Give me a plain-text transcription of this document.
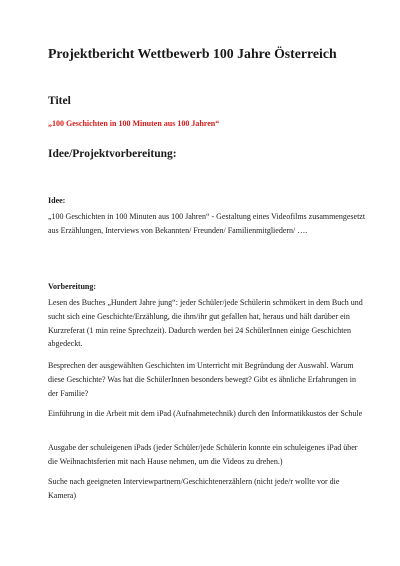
Projektbericht Wettbewerb 100 Jahre Österreich
Titel

„100 Geschichten in 100 Minuten aus 100 Jahren“

Idee/Projektvorbereitung:
Idee:

„100 Geschichten in 100 Minuten aus 100 Jahren“ - Gestaltung eines Videofilms zusammengesetzt aus Erzählungen, Interviews von Bekannten/ Freunden/ Familienmitgliedern/ ….

Vorbereitung:

Lesen des Buches „Hundert Jahre jung“: jeder Schüler/jede Schülerin schmökert in dem Buch und sucht sich eine Geschichte/Erzählung, die ihm/ihr gut gefallen hat, heraus und hält darüber ein Kurzreferat (1 min reine Sprechzeit). Dadurch werden bei 24 SchülerInnen einige Geschichten abgedeckt.

Besprechen der ausgewählten Geschichten im Unterricht mit Begründung der Auswahl. Warum diese Geschichte? Was hat die SchülerInnen besonders bewegt? Gibt es ähnliche Erfahrungen in der Familie?

Einführung in die Arbeit mit dem iPad (Aufnahmetechnik) durch den Informatikkustos der Schule

Ausgabe der schuleigenen iPads (jeder Schüler/jede Schülerin konnte ein schuleigenes iPad über die Weihnachtsferien mit nach Hause nehmen, um die Videos zu drehen.)

Suche nach geeigneten Interviewpartnern/Geschichtenerzählern (nicht jede/r wollte vor die Kamera)
